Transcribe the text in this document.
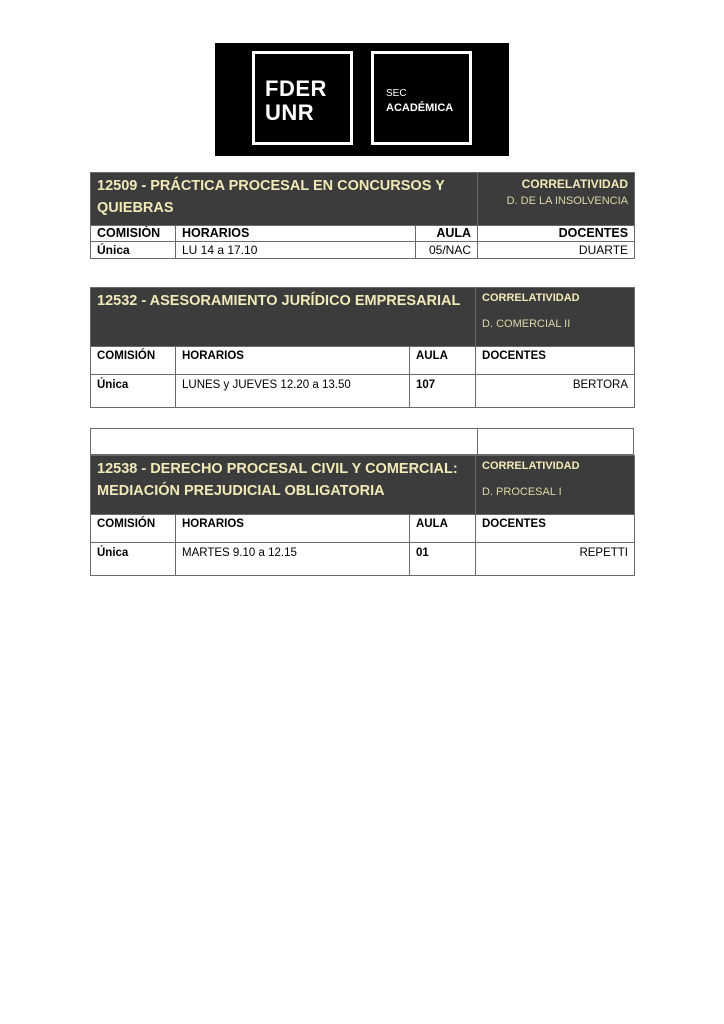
FDER
UNR
SEC
ACADÉMICA
12509 - PRÁCTICA PROCESAL EN CONCURSOS Y QUIEBRAS			CORRELATIVIDAD
D. DE LA INSOLVENCIA

COMISIÓN	HORARIOS	AULA	DOCENTES
Única	LU 14 a 17.10	05/NAC	DUARTE
12532 - ASESORAMIENTO JURÍDICO EMPRESARIAL			CORRELATIVIDAD
D. COMERCIAL II

COMISIÓN	HORARIOS	AULA	DOCENTES
Única	LUNES y JUEVES 12.20 a 13.50	107	BERTORA
12538 - DERECHO PROCESAL CIVIL Y COMERCIAL: MEDIACIÓN PREJUDICIAL OBLIGATORIA			CORRELATIVIDAD
D. PROCESAL I

COMISIÓN	HORARIOS	AULA	DOCENTES
Única	MARTES 9.10 a 12.15	01	REPETTI
